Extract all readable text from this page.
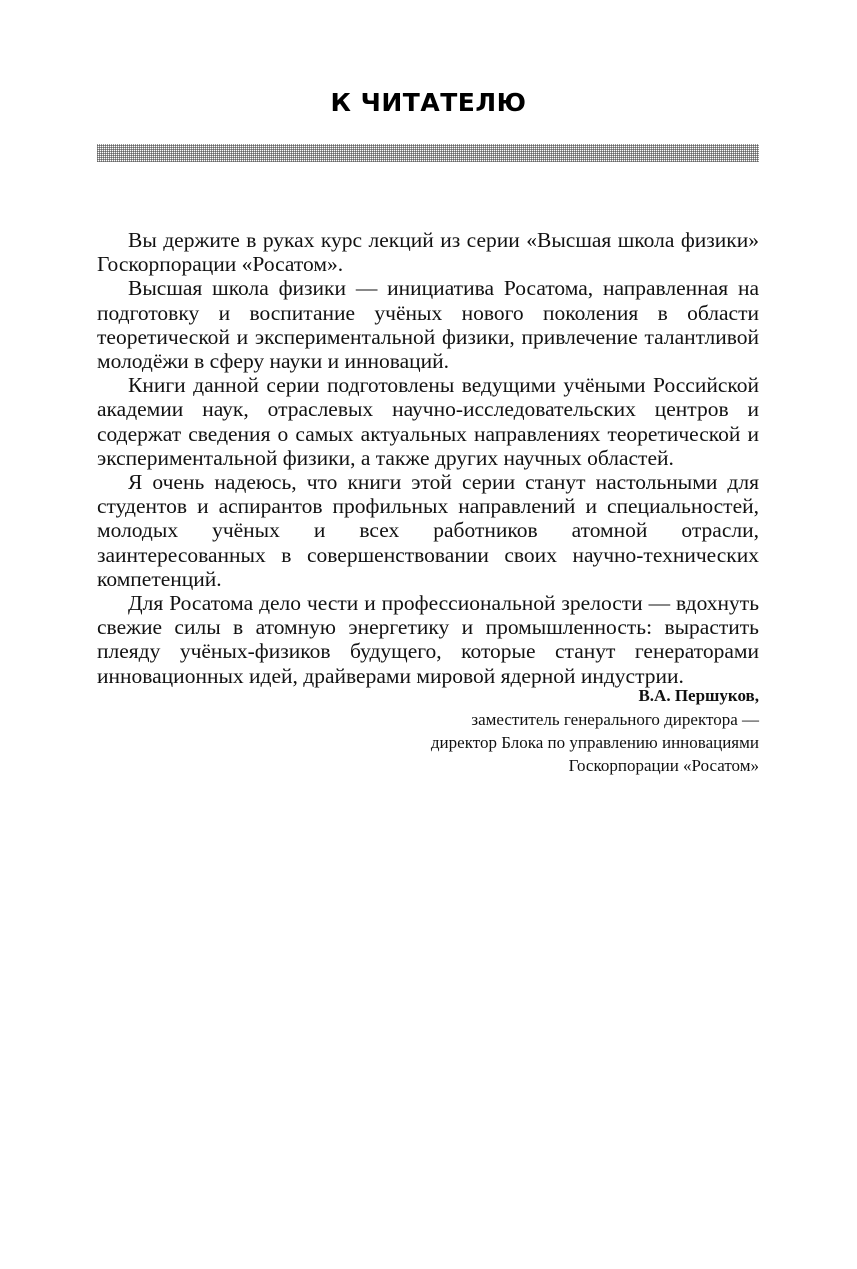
К ЧИТАТЕЛЮ

Вы держите в руках курс лекций из серии «Высшая школа физики» Госкорпорации «Росатом».

Высшая школа физики — инициатива Росатома, направленная на подготовку и воспитание учёных нового поколения в области теоретической и экспериментальной физики, привлечение талантливой молодёжи в сферу науки и инноваций.

Книги данной серии подготовлены ведущими учёными Российской академии наук, отраслевых научно-исследовательских центров и содержат сведения о самых актуальных направлениях теоретической и экспериментальной физики, а также других научных областей.

Я очень надеюсь, что книги этой серии станут настольными для студентов и аспирантов профильных направлений и специальностей, молодых учёных и всех работников атомной отрасли, заинтересованных в совершенствовании своих научно-технических компетенций.

Для Росатома дело чести и профессиональной зрелости — вдохнуть свежие силы в атомную энергетику и промышленность: вырастить плеяду учёных-физиков будущего, которые станут генераторами инновационных идей, драйверами мировой ядерной индустрии.

В.А. Першуков,
заместитель генерального директора —
директор Блока по управлению инновациями
Госкорпорации «Росатом»
